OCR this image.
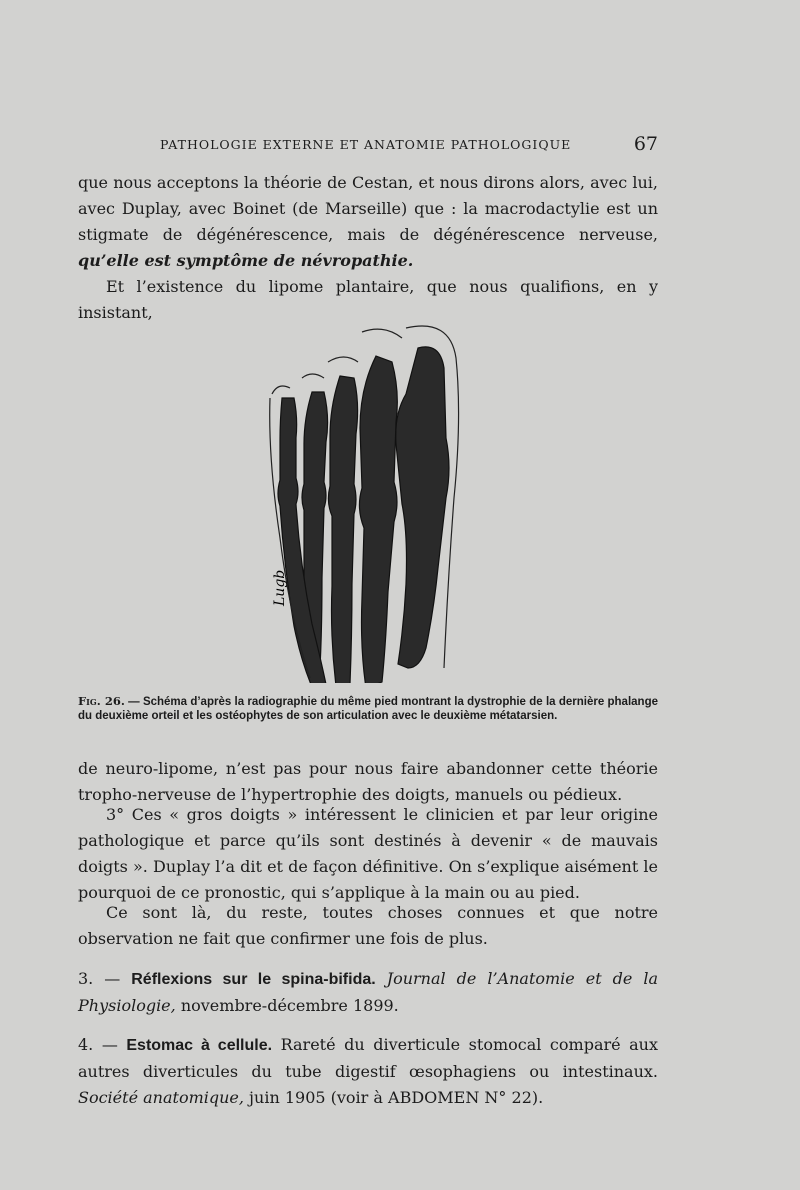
PATHOLOGIE EXTERNE ET ANATOMIE PATHOLOGIQUE	67

que nous acceptons la théorie de Cestan, et nous dirons alors, avec lui, avec Duplay, avec Boinet (de Marseille) que : la macrodactylie est un stigmate de dégénérescence, mais de dégénérescence nerveuse, qu’elle est symptôme de névropathie.

Et l’existence du lipome plantaire, que nous qualifions, en y insistant,

Lugb

Fig. 26. — Schéma d’après la radiographie du même pied montrant la dystrophie de la dernière phalange du deuxième orteil et les ostéophytes de son articulation avec le deuxième métatarsien.

de neuro-lipome, n’est pas pour nous faire abandonner cette théorie tropho-nerveuse de l’hypertrophie des doigts, manuels ou pédieux.

3° Ces « gros doigts » intéressent le clinicien et par leur origine pathologique et parce qu’ils sont destinés à devenir « de mauvais doigts ». Duplay l’a dit et de façon définitive. On s’explique aisément le pourquoi de ce pronostic, qui s’applique à la main ou au pied.

Ce sont là, du reste, toutes choses connues et que notre observation ne fait que confirmer une fois de plus.

3. — Réflexions sur le spina-bifida. Journal de l’Anatomie et de la Physiologie, novembre-décembre 1899.

4. — Estomac à cellule. Rareté du diverticule stomocal comparé aux autres diverticules du tube digestif œsophagiens ou intestinaux. Société anatomique, juin 1905 (voir à ABDOMEN N° 22).
